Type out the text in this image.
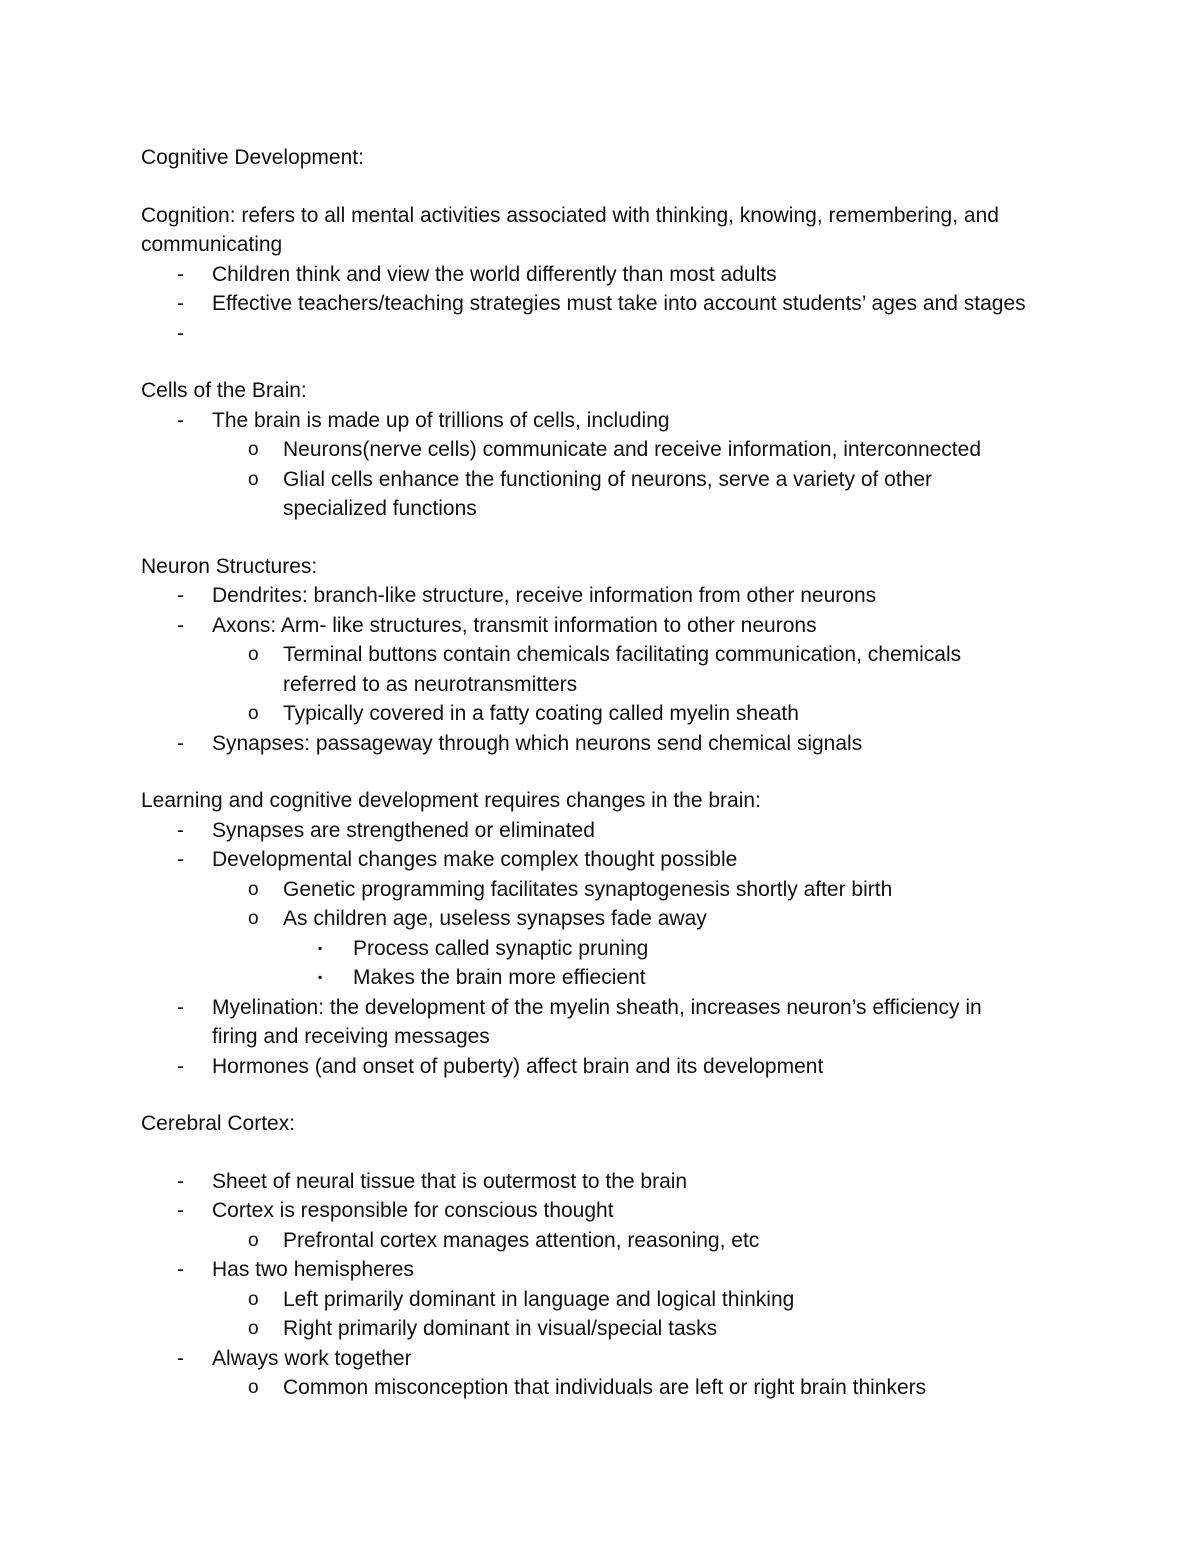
Cognitive Development:
Cognition: refers to all mental activities associated with thinking, knowing, remembering, and
communicating
- Children think and view the world differently than most adults
- Effective teachers/teaching strategies must take into account students’ ages and stages
-
Cells of the Brain:
- The brain is made up of trillions of cells, including
o Neurons(nerve cells) communicate and receive information, interconnected
o Glial cells enhance the functioning of neurons, serve a variety of other
specialized functions
Neuron Structures:
- Dendrites: branch-like structure, receive information from other neurons
- Axons: Arm- like structures, transmit information to other neurons
o Terminal buttons contain chemicals facilitating communication, chemicals
referred to as neurotransmitters
o Typically covered in a fatty coating called myelin sheath
- Synapses: passageway through which neurons send chemical signals
Learning and cognitive development requires changes in the brain:
- Synapses are strengthened or eliminated
- Developmental changes make complex thought possible
o Genetic programming facilitates synaptogenesis shortly after birth
o As children age, useless synapses fade away
▪ Process called synaptic pruning
▪ Makes the brain more effiecient
- Myelination: the development of the myelin sheath, increases neuron’s efficiency in
firing and receiving messages
- Hormones (and onset of puberty) affect brain and its development
Cerebral Cortex:
- Sheet of neural tissue that is outermost to the brain
- Cortex is responsible for conscious thought
o Prefrontal cortex manages attention, reasoning, etc
- Has two hemispheres
o Left primarily dominant in language and logical thinking
o Right primarily dominant in visual/special tasks
- Always work together
o Common misconception that individuals are left or right brain thinkers
